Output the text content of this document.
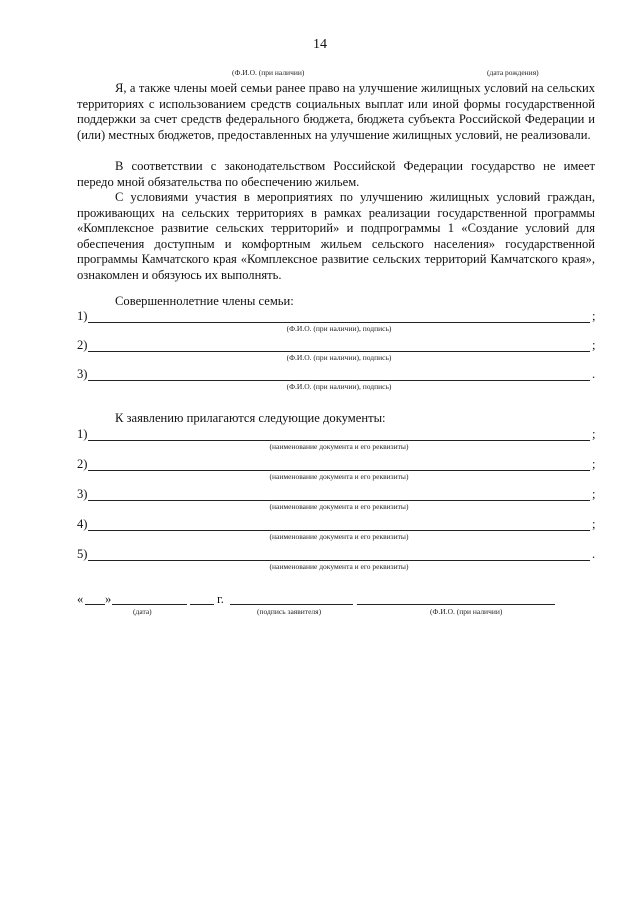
14
(Ф.И.О. (при наличии)	(дата рождения)

Я, а также члены моей семьи ранее право на улучшение жилищных условий на сельских территориях с использованием средств социальных выплат или иной формы государственной поддержки за счет средств федерального бюджета, бюджета субъекта Российской Федерации и (или) местных бюджетов, предоставленных на улучшение жилищных условий, не реализовали.

В соответствии с законодательством Российской Федерации государство не имеет передо мной обязательства по обеспечению жильем.

С условиями участия в мероприятиях по улучшению жилищных условий граждан, проживающих на сельских территориях в рамках реализации государственной программы «Комплексное развитие сельских территорий» и подпрограммы 1 «Создание условий для обеспечения доступным и комфортным жильем сельского населения» государственной программы Камчатского края «Комплексное развитие сельских территорий Камчатского края», ознакомлен и обязуюсь их выполнять.

Совершеннолетние члены семьи:
1)	;
(Ф.И.О. (при наличии), подпись)
2)	;
(Ф.И.О. (при наличии), подпись)
3)	.
(Ф.И.О. (при наличии), подпись)
К заявлению прилагаются следующие документы:
1)	;
(наименование документа и его реквизиты)
2)	;
(наименование документа и его реквизиты)
3)	;
(наименование документа и его реквизиты)
4)	;
(наименование документа и его реквизиты)
5)	.
(наименование документа и его реквизиты)
« »	г.
(дата)	(подпись заявителя)	(Ф.И.О. (при наличии)
